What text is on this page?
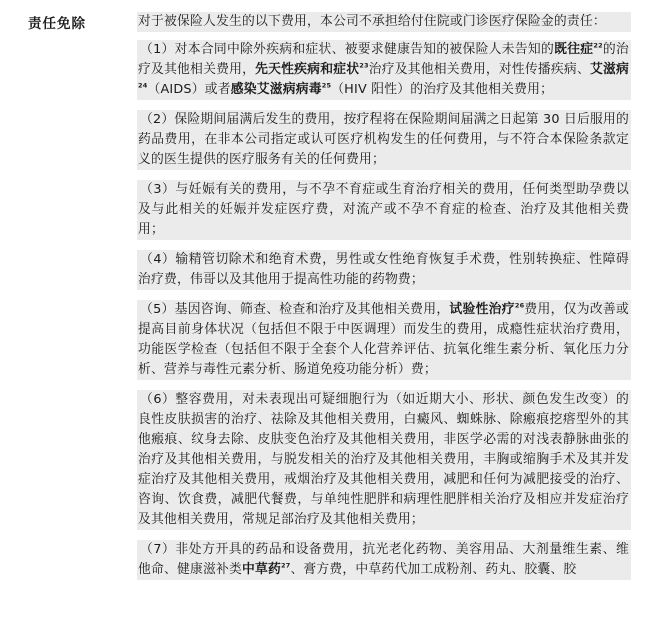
责任免除	对于被保险人发生的以下费用，本公司不承担给付住院或门诊医疗保险金的责任：
（1）对本合同中除外疾病和症状、被要求健康告知的被保险人未告知的既往症$^{22}$的治疗及其他相关费用，先天性疾病和症状$^{23}$治疗及其他相关费用，对性传播疾病、艾滋病$^{24}$（AIDS）或者感染艾滋病病毒$^{25}$（HIV 阳性）的治疗及其他相关费用；
（2）保险期间届满后发生的费用，按疗程将在保险期间届满之日起第 30 日后服用的药品费用，在非本公司指定或认可医疗机构发生的任何费用，与不符合本保险条款定义的医生提供的医疗服务有关的任何费用；
（3）与妊娠有关的费用，与不孕不育症或生育治疗相关的费用，任何类型助孕费以及与此相关的妊娠并发症医疗费，对流产或不孕不育症的检查、治疗及其他相关费用；
（4）输精管切除术和绝育术费，男性或女性绝育恢复手术费，性别转换症、性障碍治疗费，伟哥以及其他用于提高性功能的药物费；
（5）基因咨询、筛查、检查和治疗及其他相关费用，试验性治疗$^{26}$费用，仅为改善或提高目前身体状况（包括但不限于中医调理）而发生的费用，成瘾性症状治疗费用，功能医学检查（包括但不限于全套个人化营养评估、抗氧化维生素分析、氧化压力分析、营养与毒性元素分析、肠道免疫功能分析）费；
（6）整容费用，对未表现出可疑细胞行为（如近期大小、形状、颜色发生改变）的良性皮肤损害的治疗、祛除及其他相关费用，白癜风、蜘蛛脉、除瘢痕挖瘩型外的其他瘢痕、纹身去除、皮肤变色治疗及其他相关费用，非医学必需的对浅表静脉曲张的治疗及其他相关费用，与脱发相关的治疗及其他相关费用，丰胸或缩胸手术及其并发症治疗及其他相关费用，戒烟治疗及其他相关费用，减肥和任何为减肥接受的治疗、咨询、饮食费，减肥代餐费，与单纯性肥胖和病理性肥胖相关治疗及相应并发症治疗及其他相关费用，常规足部治疗及其他相关费用；
（7）非处方开具的药品和设备费用，抗光老化药物、美容用品、大剂量维生素、维他命、健康滋补类中草药$^{27}$、膏方费，中草药代加工成粉剂、药丸、胶囊、胶
